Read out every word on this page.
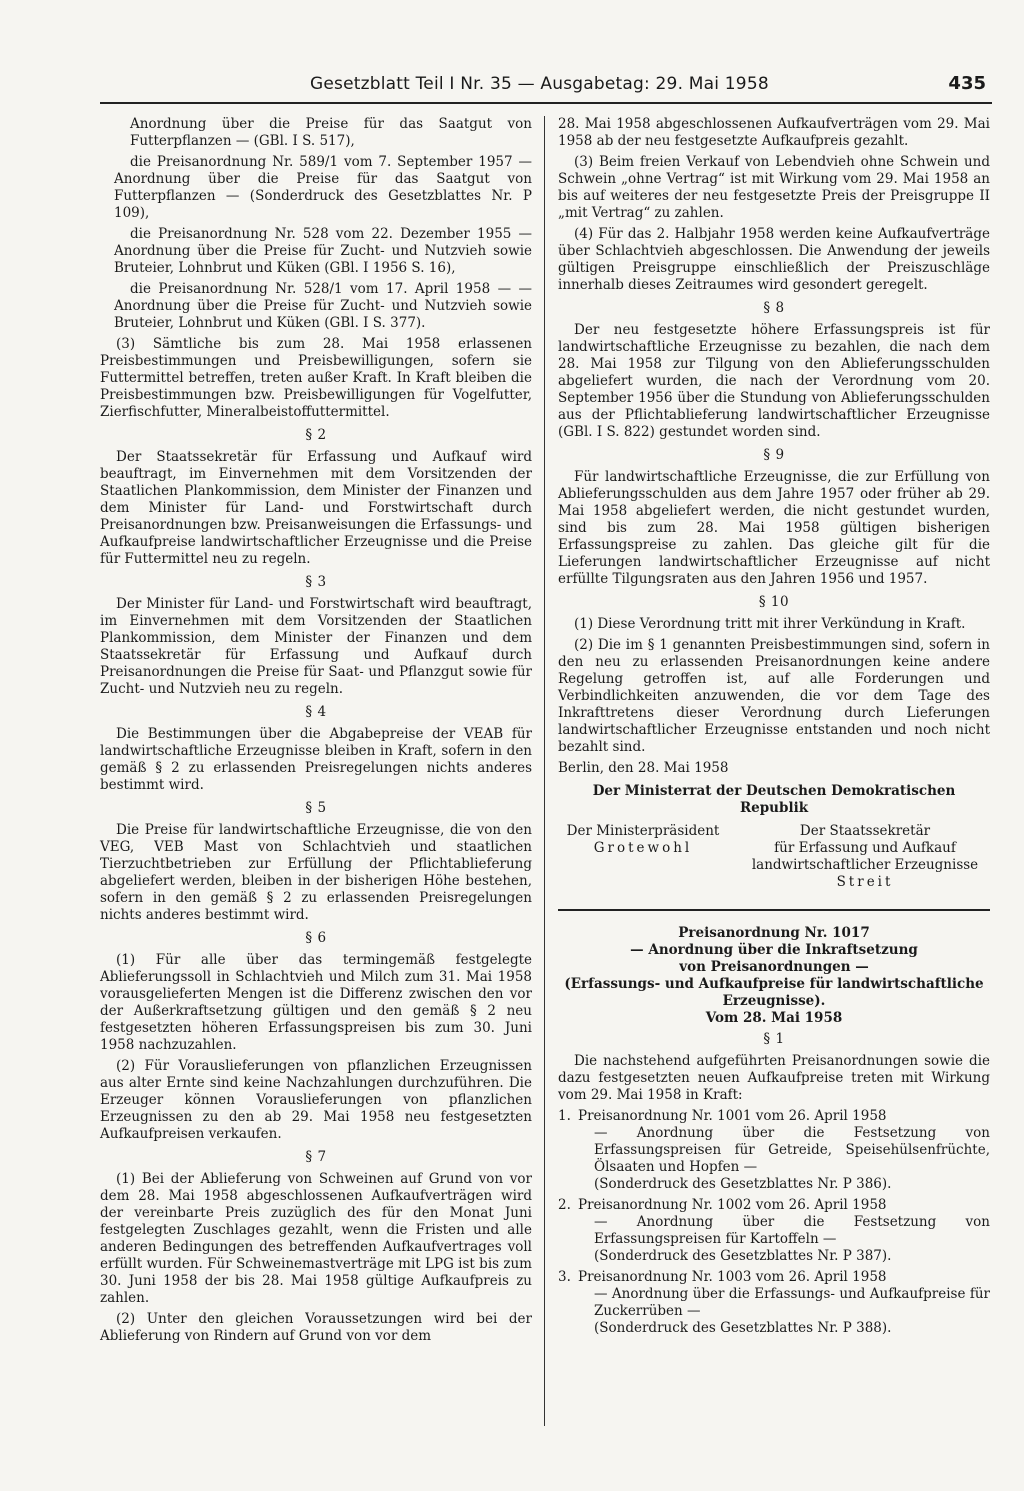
Gesetzblatt Teil I Nr. 35 — Ausgabetag: 29. Mai 1958	435

Anordnung über die Preise für das Saatgut von Futterpflanzen — (GBl. I S. 517),

die Preisanordnung Nr. 589/1 vom 7. September 1957 — Anordnung über die Preise für das Saatgut von Futterpflanzen — (Sonderdruck des Gesetzblattes Nr. P 109),

die Preisanordnung Nr. 528 vom 22. Dezember 1955 — Anordnung über die Preise für Zucht- und Nutzvieh sowie Bruteier, Lohnbrut und Küken (GBl. I 1956 S. 16),

die Preisanordnung Nr. 528/1 vom 17. April 1958 — — Anordnung über die Preise für Zucht- und Nutzvieh sowie Bruteier, Lohnbrut und Küken (GBl. I S. 377).

(3) Sämtliche bis zum 28. Mai 1958 erlassenen Preisbestimmungen und Preisbewilligungen, sofern sie Futtermittel betreffen, treten außer Kraft. In Kraft bleiben die Preisbestimmungen bzw. Preisbewilligungen für Vogelfutter, Zierfischfutter, Mineralbeistoffuttermittel.

§ 2

Der Staatssekretär für Erfassung und Aufkauf wird beauftragt, im Einvernehmen mit dem Vorsitzenden der Staatlichen Plankommission, dem Minister der Finanzen und dem Minister für Land- und Forstwirtschaft durch Preisanordnungen bzw. Preisanweisungen die Erfassungs- und Aufkaufpreise landwirtschaftlicher Erzeugnisse und die Preise für Futtermittel neu zu regeln.

§ 3

Der Minister für Land- und Forstwirtschaft wird beauftragt, im Einvernehmen mit dem Vorsitzenden der Staatlichen Plankommission, dem Minister der Finanzen und dem Staatssekretär für Erfassung und Aufkauf durch Preisanordnungen die Preise für Saat- und Pflanzgut sowie für Zucht- und Nutzvieh neu zu regeln.

§ 4

Die Bestimmungen über die Abgabepreise der VEAB für landwirtschaftliche Erzeugnisse bleiben in Kraft, sofern in den gemäß § 2 zu erlassenden Preisregelungen nichts anderes bestimmt wird.

§ 5

Die Preise für landwirtschaftliche Erzeugnisse, die von den VEG, VEB Mast von Schlachtvieh und staatlichen Tierzuchtbetrieben zur Erfüllung der Pflichtablieferung abgeliefert werden, bleiben in der bisherigen Höhe bestehen, sofern in den gemäß § 2 zu erlassenden Preisregelungen nichts anderes bestimmt wird.

§ 6

(1) Für alle über das termingemäß festgelegte Ablieferungssoll in Schlachtvieh und Milch zum 31. Mai 1958 vorausgelieferten Mengen ist die Differenz zwischen den vor der Außerkraftsetzung gültigen und den gemäß § 2 neu festgesetzten höheren Erfassungspreisen bis zum 30. Juni 1958 nachzuzahlen.

(2) Für Vorauslieferungen von pflanzlichen Erzeugnissen aus alter Ernte sind keine Nachzahlungen durchzuführen. Die Erzeuger können Vorauslieferungen von pflanzlichen Erzeugnissen zu den ab 29. Mai 1958 neu festgesetzten Aufkaufpreisen verkaufen.

§ 7

(1) Bei der Ablieferung von Schweinen auf Grund von vor dem 28. Mai 1958 abgeschlossenen Aufkaufverträgen wird der vereinbarte Preis zuzüglich des für den Monat Juni festgelegten Zuschlages gezahlt, wenn die Fristen und alle anderen Bedingungen des betreffenden Aufkaufvertrages voll erfüllt wurden. Für Schweinemastverträge mit LPG ist bis zum 30. Juni 1958 der bis 28. Mai 1958 gültige Aufkaufpreis zu zahlen.

(2) Unter den gleichen Voraussetzungen wird bei der Ablieferung von Rindern auf Grund von vor dem

28. Mai 1958 abgeschlossenen Aufkaufverträgen vom 29. Mai 1958 ab der neu festgesetzte Aufkaufpreis gezahlt.

(3) Beim freien Verkauf von Lebendvieh ohne Schwein und Schwein „ohne Vertrag“ ist mit Wirkung vom 29. Mai 1958 an bis auf weiteres der neu festgesetzte Preis der Preisgruppe II „mit Vertrag“ zu zahlen.

(4) Für das 2. Halbjahr 1958 werden keine Aufkaufverträge über Schlachtvieh abgeschlossen. Die Anwendung der jeweils gültigen Preisgruppe einschließlich der Preiszuschläge innerhalb dieses Zeitraumes wird gesondert geregelt.

§ 8

Der neu festgesetzte höhere Erfassungspreis ist für landwirtschaftliche Erzeugnisse zu bezahlen, die nach dem 28. Mai 1958 zur Tilgung von den Ablieferungsschulden abgeliefert wurden, die nach der Verordnung vom 20. September 1956 über die Stundung von Ablieferungsschulden aus der Pflichtablieferung landwirtschaftlicher Erzeugnisse (GBl. I S. 822) gestundet worden sind.

§ 9

Für landwirtschaftliche Erzeugnisse, die zur Erfüllung von Ablieferungsschulden aus dem Jahre 1957 oder früher ab 29. Mai 1958 abgeliefert werden, die nicht gestundet wurden, sind bis zum 28. Mai 1958 gültigen bisherigen Erfassungspreise zu zahlen. Das gleiche gilt für die Lieferungen landwirtschaftlicher Erzeugnisse auf nicht erfüllte Tilgungsraten aus den Jahren 1956 und 1957.

§ 10

(1) Diese Verordnung tritt mit ihrer Verkündung in Kraft.

(2) Die im § 1 genannten Preisbestimmungen sind, sofern in den neu zu erlassenden Preisanordnungen keine andere Regelung getroffen ist, auf alle Forderungen und Verbindlichkeiten anzuwenden, die vor dem Tage des Inkrafttretens dieser Verordnung durch Lieferungen landwirtschaftlicher Erzeugnisse entstanden und noch nicht bezahlt sind.

Berlin, den 28. Mai 1958

Der Ministerrat der Deutschen Demokratischen Republik

Der Ministerpräsident
Grotewohl
Der Staatssekretär
für Erfassung und Aufkauf
landwirtschaftlicher Erzeugnisse
Streit

Preisanordnung Nr. 1017

— Anordnung über die Inkraftsetzung

von Preisanordnungen —

(Erfassungs- und Aufkaufpreise für landwirtschaftliche Erzeugnisse).

Vom 28. Mai 1958

§ 1

Die nachstehend aufgeführten Preisanordnungen sowie die dazu festgesetzten neuen Aufkaufpreise treten mit Wirkung vom 29. Mai 1958 in Kraft:

1. Preisanordnung Nr. 1001 vom 26. April 1958
— Anordnung über die Festsetzung von Erfassungspreisen für Getreide, Speisehülsenfrüchte, Ölsaaten und Hopfen —
(Sonderdruck des Gesetzblattes Nr. P 386).
2. Preisanordnung Nr. 1002 vom 26. April 1958
— Anordnung über die Festsetzung von Erfassungspreisen für Kartoffeln —
(Sonderdruck des Gesetzblattes Nr. P 387).
3. Preisanordnung Nr. 1003 vom 26. April 1958
— Anordnung über die Erfassungs- und Aufkaufpreise für Zuckerrüben —
(Sonderdruck des Gesetzblattes Nr. P 388).
